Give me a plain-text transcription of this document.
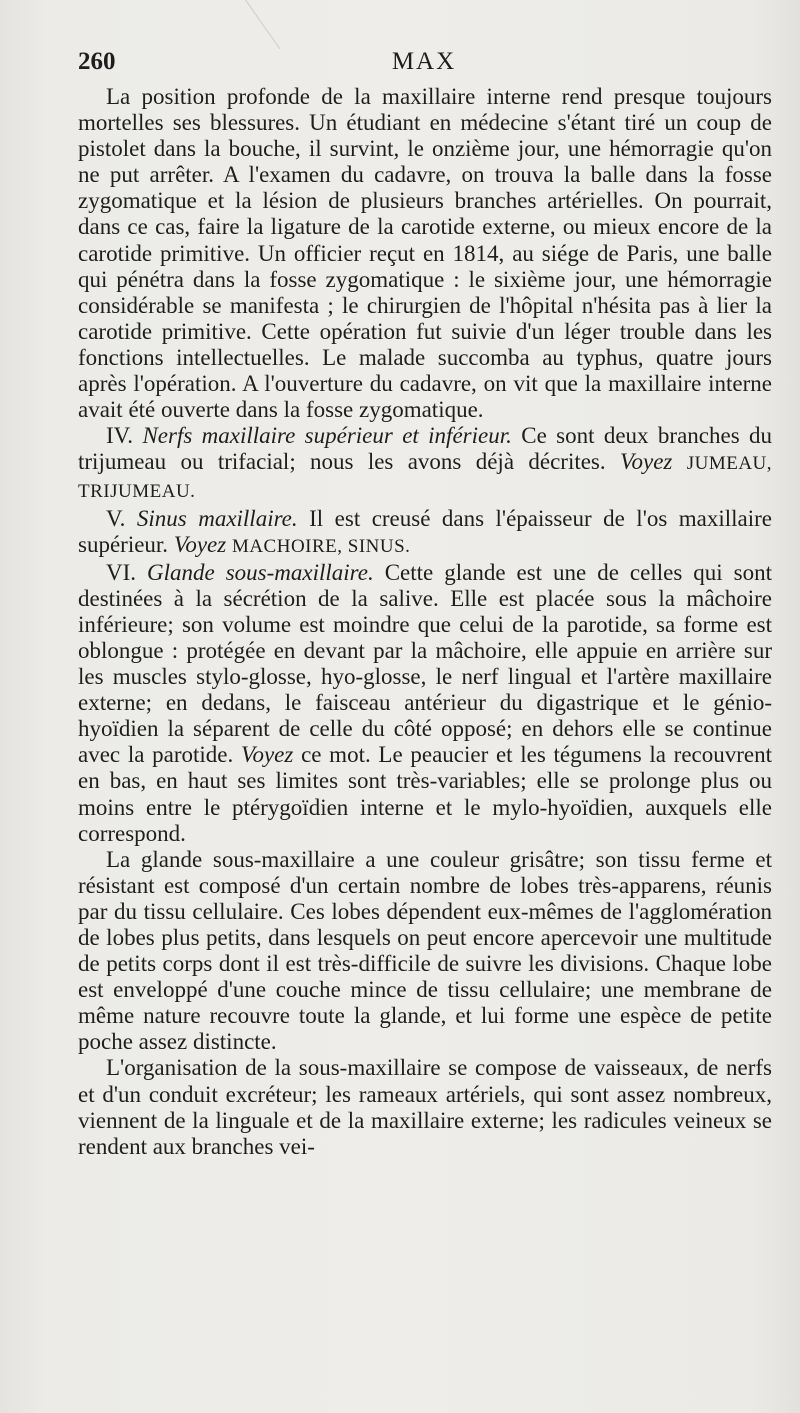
260	MAX

La position profonde de la maxillaire interne rend presque toujours mortelles ses blessures. Un étudiant en médecine s'étant tiré un coup de pistolet dans la bouche, il survint, le onzième jour, une hémorragie qu'on ne put arrêter. A l'examen du cadavre, on trouva la balle dans la fosse zygomatique et la lésion de plusieurs branches artérielles. On pourrait, dans ce cas, faire la ligature de la carotide externe, ou mieux encore de la carotide primitive. Un officier reçut en 1814, au siége de Paris, une balle qui pénétra dans la fosse zygomatique : le sixième jour, une hémorragie considérable se manifesta ; le chirurgien de l'hôpital n'hésita pas à lier la carotide primitive. Cette opération fut suivie d'un léger trouble dans les fonctions intellectuelles. Le malade succomba au typhus, quatre jours après l'opération. A l'ouverture du cadavre, on vit que la maxillaire interne avait été ouverte dans la fosse zygomatique.

IV. Nerfs maxillaire supérieur et inférieur. Ce sont deux branches du trijumeau ou trifacial; nous les avons déjà décrites. Voyez JUMEAU, TRIJUMEAU.

V. Sinus maxillaire. Il est creusé dans l'épaisseur de l'os maxillaire supérieur. Voyez MACHOIRE, SINUS.

VI. Glande sous-maxillaire. Cette glande est une de celles qui sont destinées à la sécrétion de la salive. Elle est placée sous la mâchoire inférieure; son volume est moindre que celui de la parotide, sa forme est oblongue : protégée en devant par la mâchoire, elle appuie en arrière sur les muscles stylo-glosse, hyo-glosse, le nerf lingual et l'artère maxillaire externe; en dedans, le faisceau antérieur du digastrique et le génio-hyoïdien la séparent de celle du côté opposé; en dehors elle se continue avec la parotide. Voyez ce mot. Le peaucier et les tégumens la recouvrent en bas, en haut ses limites sont très-variables; elle se prolonge plus ou moins entre le ptérygoïdien interne et le mylo-hyoïdien, auxquels elle correspond.

La glande sous-maxillaire a une couleur grisâtre; son tissu ferme et résistant est composé d'un certain nombre de lobes très-apparens, réunis par du tissu cellulaire. Ces lobes dépendent eux-mêmes de l'agglomération de lobes plus petits, dans lesquels on peut encore apercevoir une multitude de petits corps dont il est très-difficile de suivre les divisions. Chaque lobe est enveloppé d'une couche mince de tissu cellulaire; une membrane de même nature recouvre toute la glande, et lui forme une espèce de petite poche assez distincte.

L'organisation de la sous-maxillaire se compose de vaisseaux, de nerfs et d'un conduit excréteur; les rameaux artériels, qui sont assez nombreux, viennent de la linguale et de la maxillaire externe; les radicules veineux se rendent aux branches vei-
